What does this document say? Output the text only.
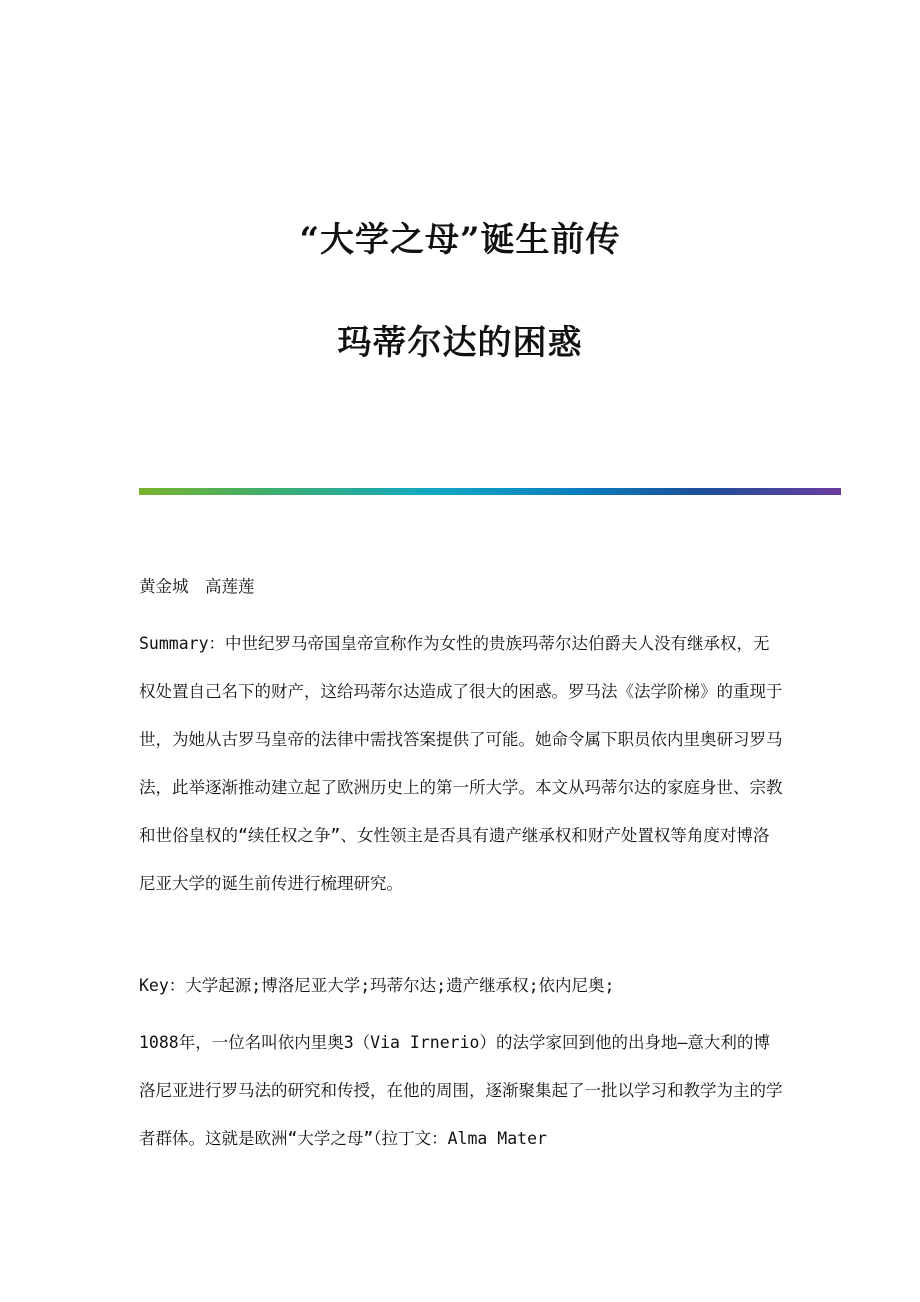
“大学之母”诞生前传
玛蒂尔达的困惑

黄金城　高莲莲

Summary：中世纪罗马帝国皇帝宣称作为女性的贵族玛蒂尔达伯爵夫人没有继承权，无权处置自己名下的财产，这给玛蒂尔达造成了很大的困惑。罗马法《法学阶梯》的重现于世，为她从古罗马皇帝的法律中需找答案提供了可能。她命令属下职员依内里奥研习罗马法，此举逐渐推动建立起了欧洲历史上的第一所大学。本文从玛蒂尔达的家庭身世、宗教和世俗皇权的“续任权之争”、女性领主是否具有遗产继承权和财产处置权等角度对博洛尼亚大学的诞生前传进行梳理研究。

Key：大学起源;博洛尼亚大学;玛蒂尔达;遗产继承权;依内尼奥;

1088年，一位名叫依内里奥3（Via Irnerio）的法学家回到他的出身地—意大利的博洛尼亚进行罗马法的研究和传授，在他的周围，逐渐聚集起了一批以学习和教学为主的学者群体。这就是欧洲“大学之母”（拉丁文：Alma Mater
